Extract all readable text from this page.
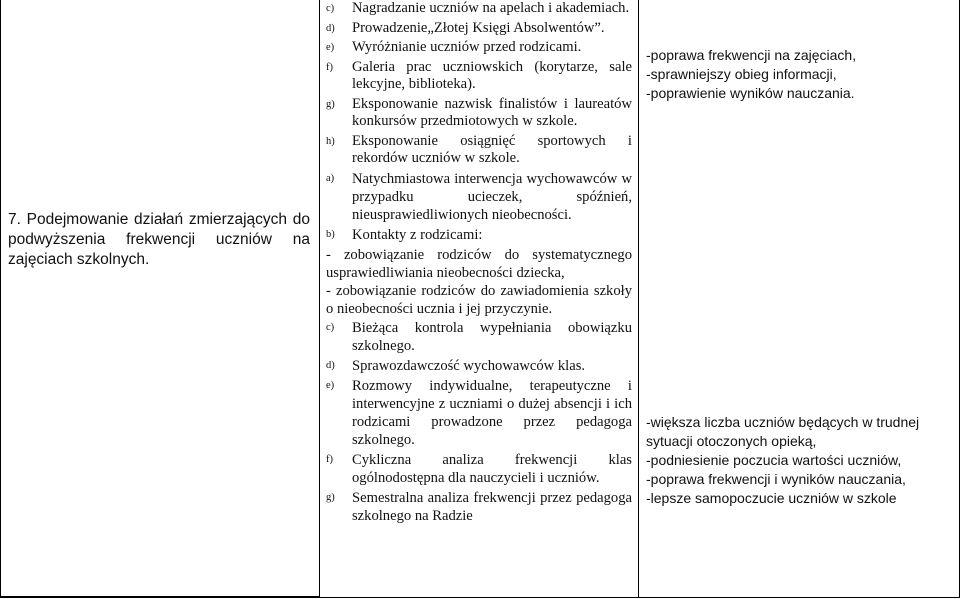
7. Podejmowanie działań zmierzających do podwyższenia frekwencji uczniów na zajęciach szkolnych.
c) Nagradzanie uczniów na apelach i akademiach.
d) Prowadzenie„Złotej Księgi Absolwentów”.
e) Wyróżnianie uczniów przed rodzicami.
f) Galeria prac uczniowskich (korytarze, sale lekcyjne, biblioteka).
g) Eksponowanie nazwisk finalistów i laureatów konkursów przedmiotowych w szkole.
h) Eksponowanie osiągnięć sportowych i rekordów uczniów w szkole.
a) Natychmiastowa interwencja wychowawców w przypadku ucieczek, spóźnień, nieusprawiedliwionych nieobecności.
b) Kontakty z rodzicami:
- zobowiązanie rodziców do systematycznego usprawiedliwiania nieobecności dziecka,
- zobowiązanie rodziców do zawiadomienia szkoły o nieobecności ucznia i jej przyczynie.
c) Bieżąca kontrola wypełniania obowiązku szkolnego.
d) Sprawozdawczość wychowawców klas.
e) Rozmowy indywidualne, terapeutyczne i interwencyjne z uczniami o dużej absencji i ich rodzicami prowadzone przez pedagoga szkolnego.
f) Cykliczna analiza frekwencji klas ogólnodostępna dla nauczycieli i uczniów.
g) Semestralna analiza frekwencji przez pedagoga szkolnego na Radzie
-poprawa frekwencji na zajęciach,
-sprawniejszy obieg informacji,
-poprawienie wyników nauczania.
-większa liczba uczniów będących w trudnej
sytuacji otoczonych opieką,
-podniesienie poczucia wartości uczniów,
-poprawa frekwencji i wyników nauczania,
-lepsze samopoczucie uczniów w szkole
